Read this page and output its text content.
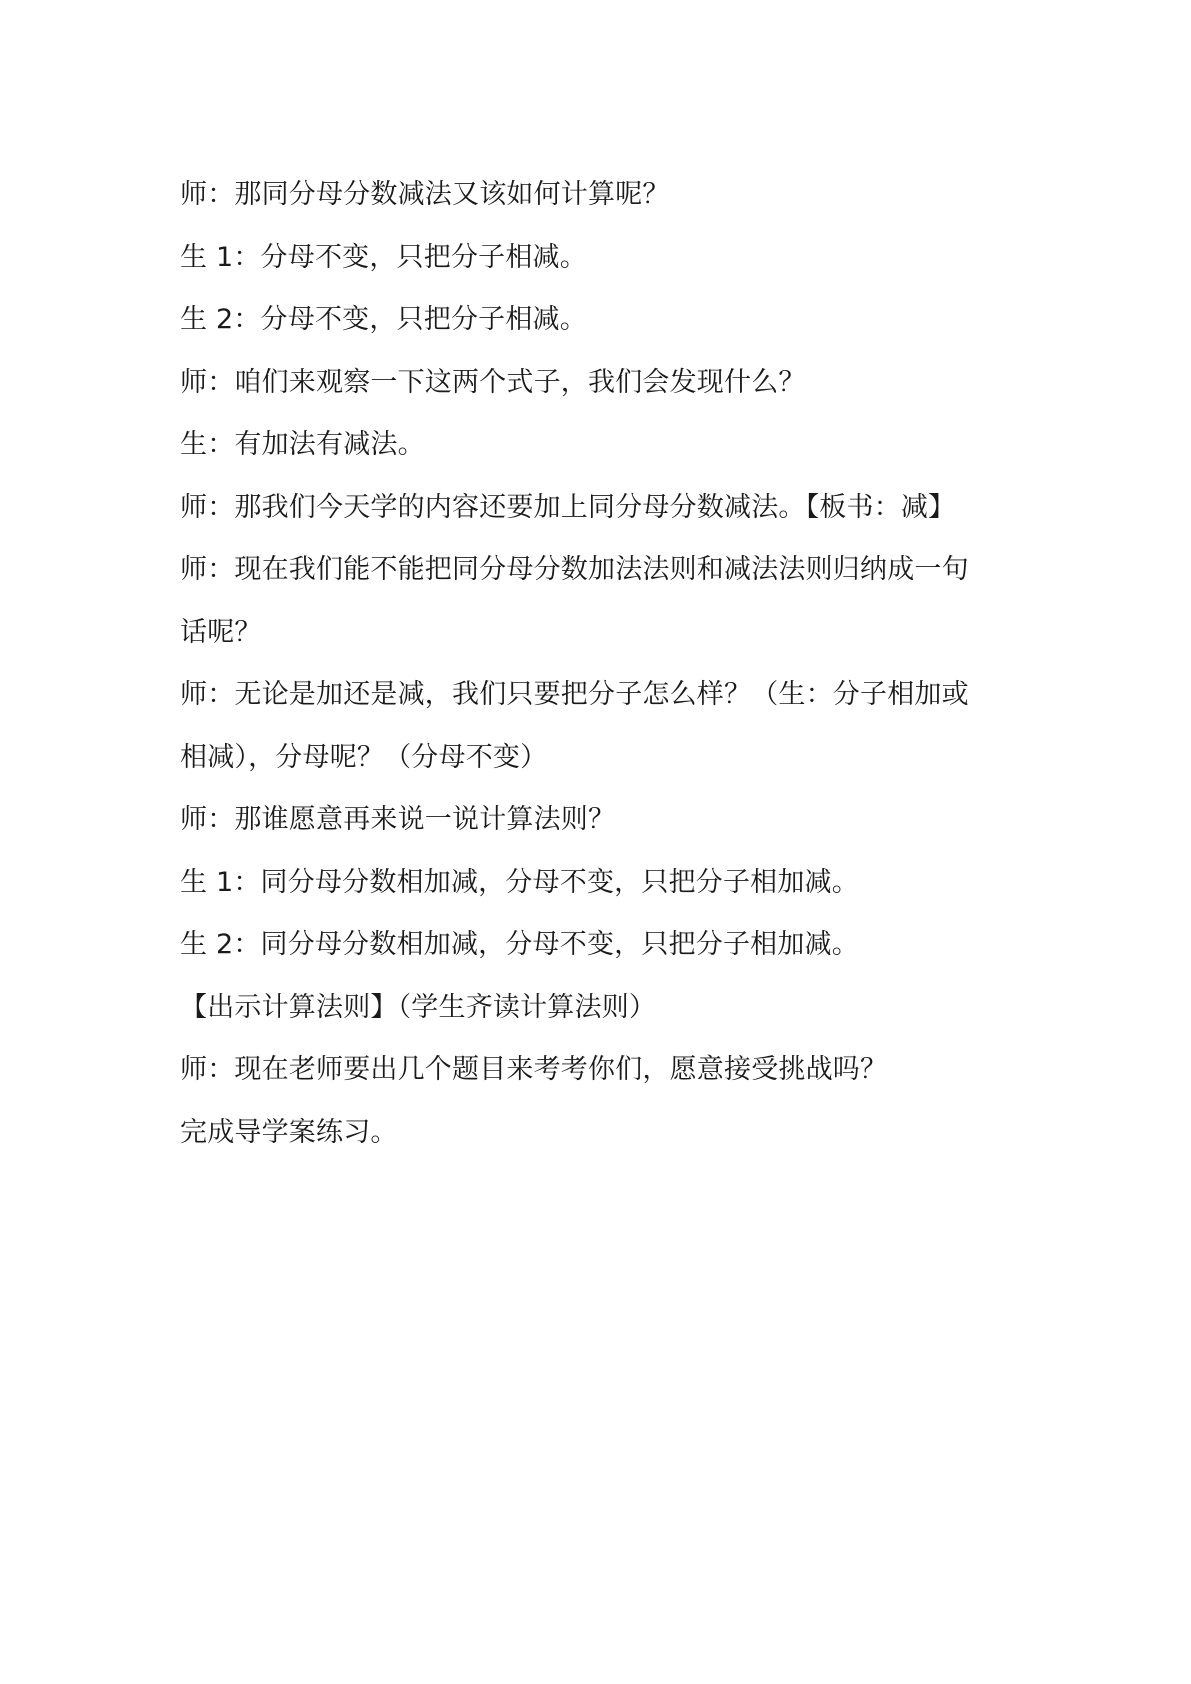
师：那同分母分数减法又该如何计算呢？
生 1：分母不变，只把分子相减。
生 2：分母不变，只把分子相减。
师：咱们来观察一下这两个式子，我们会发现什么？
生：有加法有减法。
师：那我们今天学的内容还要加上同分母分数减法。【板书：减】
师：现在我们能不能把同分母分数加法法则和减法法则归纳成一句
话呢？
师：无论是加还是减，我们只要把分子怎么样？（生：分子相加或
相减），分母呢？（分母不变）
师：那谁愿意再来说一说计算法则？
生 1：同分母分数相加减，分母不变，只把分子相加减。
生 2：同分母分数相加减，分母不变，只把分子相加减。
【出示计算法则】（学生齐读计算法则）
师：现在老师要出几个题目来考考你们，愿意接受挑战吗？
完成导学案练习。
